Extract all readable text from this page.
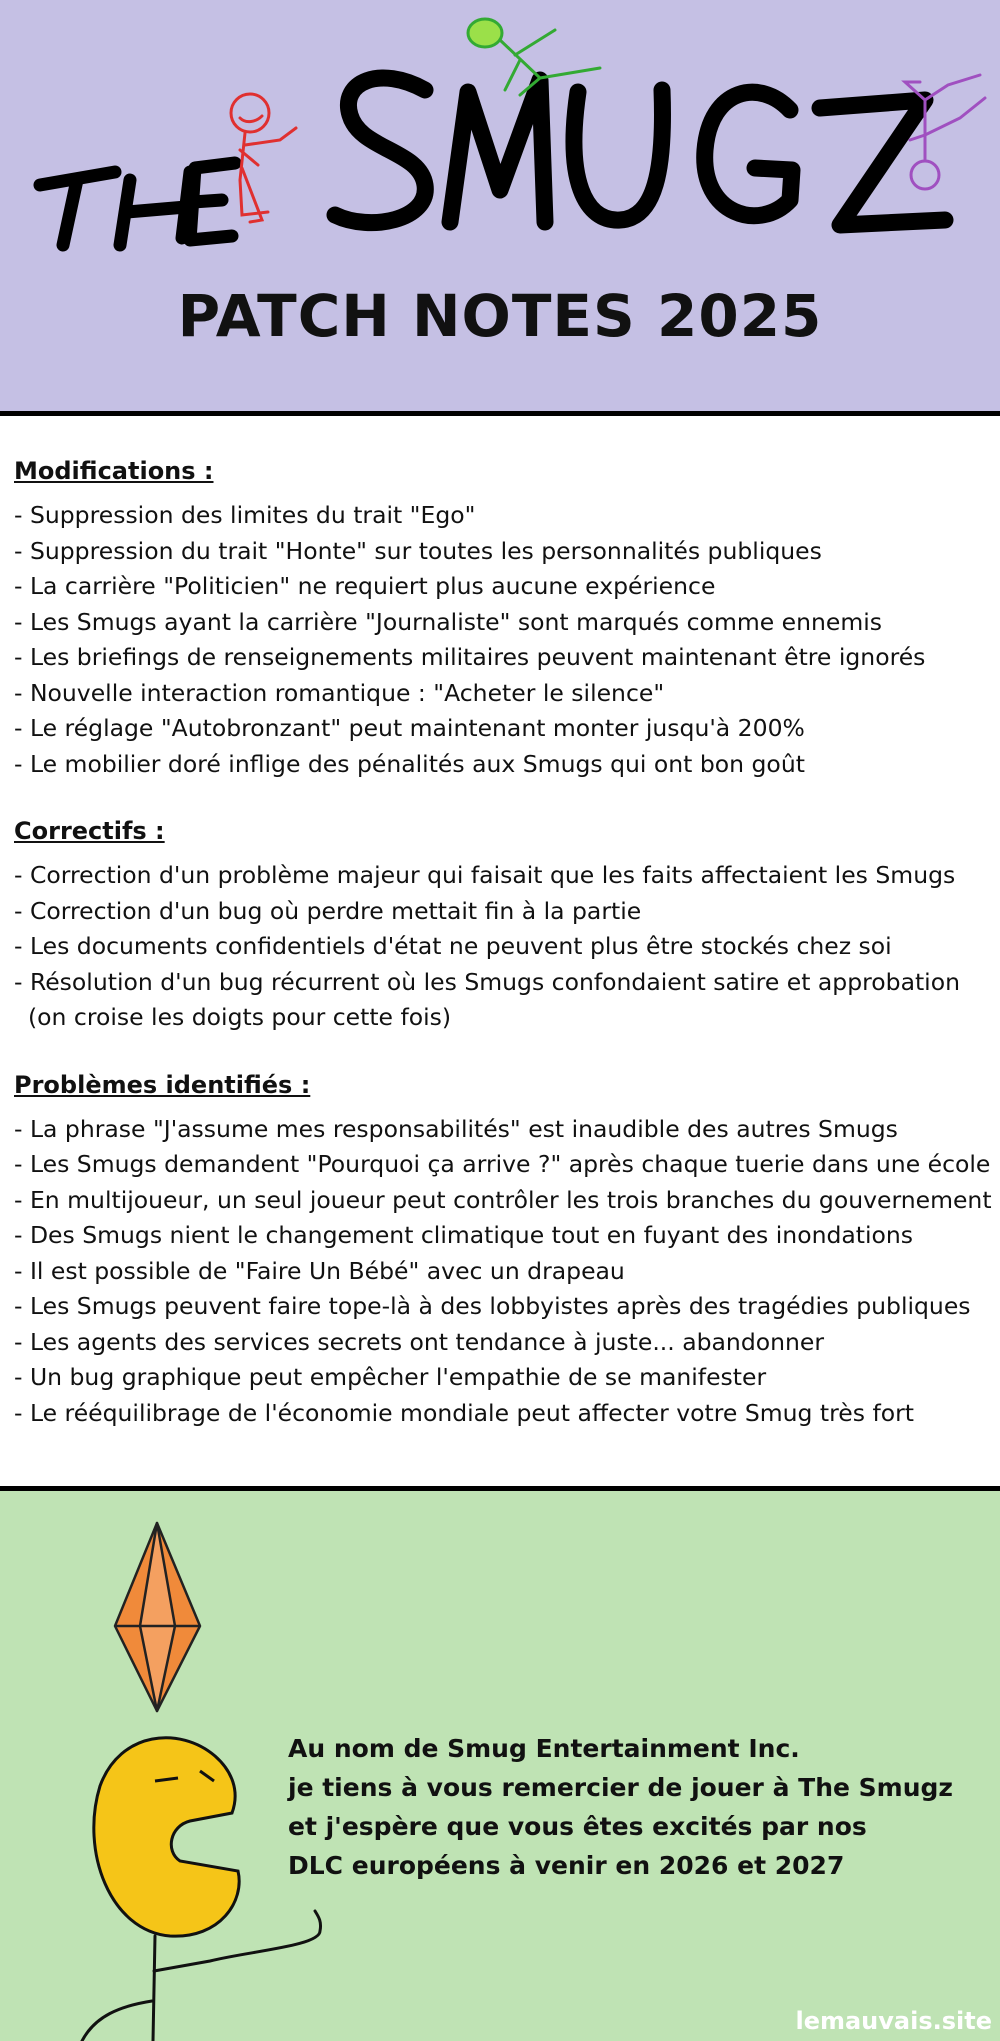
PATCH NOTES 2025
Modifications :
- Suppression des limites du trait "Ego"
- Suppression du trait "Honte" sur toutes les personnalités publiques
- La carrière "Politicien" ne requiert plus aucune expérience
- Les Smugs ayant la carrière "Journaliste" sont marqués comme ennemis
- Les briefings de renseignements militaires peuvent maintenant être ignorés
- Nouvelle interaction romantique : "Acheter le silence"
- Le réglage "Autobronzant" peut maintenant monter jusqu'à 200%
- Le mobilier doré inflige des pénalités aux Smugs qui ont bon goût
Correctifs :
- Correction d'un problème majeur qui faisait que les faits affectaient les Smugs
- Correction d'un bug où perdre mettait fin à la partie
- Les documents confidentiels d'état ne peuvent plus être stockés chez soi
- Résolution d'un bug récurrent où les Smugs confondaient satire et approbation
(on croise les doigts pour cette fois)
Problèmes identifiés :
- La phrase "J'assume mes responsabilités" est inaudible des autres Smugs
- Les Smugs demandent "Pourquoi ça arrive ?" après chaque tuerie dans une école
- En multijoueur, un seul joueur peut contrôler les trois branches du gouvernement
- Des Smugs nient le changement climatique tout en fuyant des inondations
- Il est possible de "Faire Un Bébé" avec un drapeau
- Les Smugs peuvent faire tope-là à des lobbyistes après des tragédies publiques
- Les agents des services secrets ont tendance à juste... abandonner
- Un bug graphique peut empêcher l'empathie de se manifester
- Le rééquilibrage de l'économie mondiale peut affecter votre Smug très fort

Au nom de Smug Entertainment Inc.

je tiens à vous remercier de jouer à The Smugz

et j'espère que vous êtes excités par nos

DLC européens à venir en 2026 et 2027

lemauvais.site
